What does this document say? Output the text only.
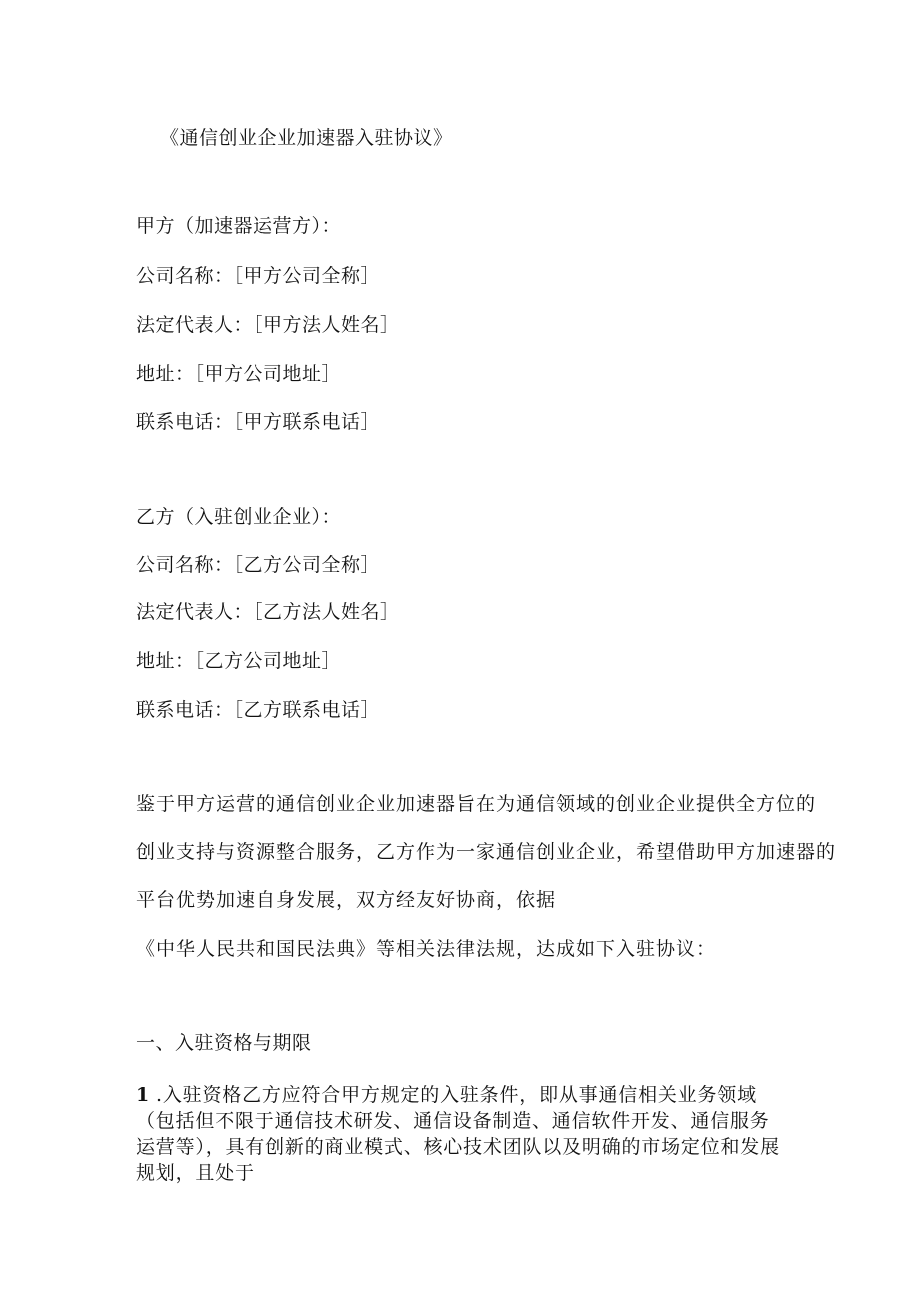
《通信创业企业加速器入驻协议》
甲方（加速器运营方）：
公司名称：［甲方公司全称］
法定代表人：［甲方法人姓名］
地址：［甲方公司地址］
联系电话：［甲方联系电话］
乙方（入驻创业企业）：
公司名称：［乙方公司全称］
法定代表人：［乙方法人姓名］
地址：［乙方公司地址］
联系电话：［乙方联系电话］
鉴于甲方运营的通信创业企业加速器旨在为通信领域的创业企业提供全方位的
创业支持与资源整合服务，乙方作为一家通信创业企业，希望借助甲方加速器的
平台优势加速自身发展，双方经友好协商，依据
《中华人民共和国民法典》等相关法律法规，达成如下入驻协议：
一、入驻资格与期限
1 .入驻资格乙方应符合甲方规定的入驻条件，即从事通信相关业务领域（包括但不限于通信技术研发、通信设备制造、通信软件开发、通信服务运营等），具有创新的商业模式、核心技术团队以及明确的市场定位和发展规划，且处于
